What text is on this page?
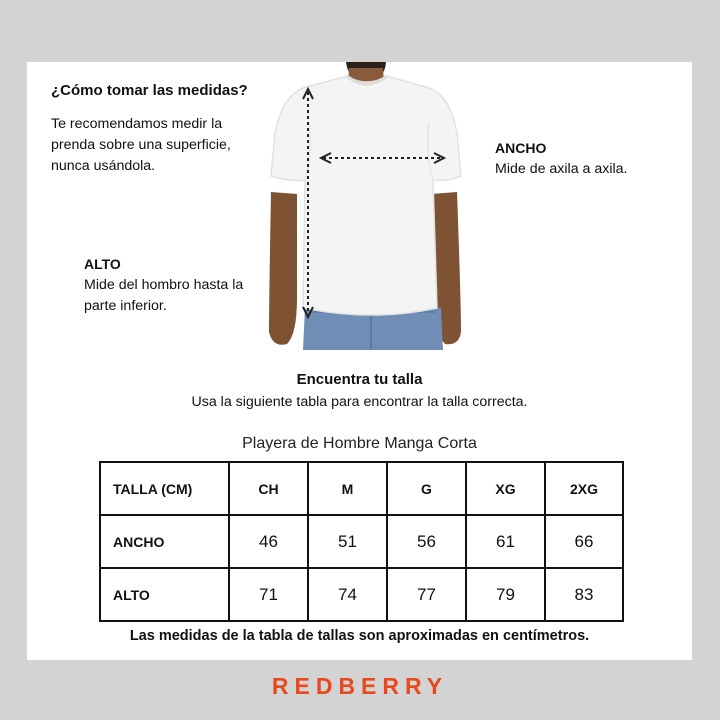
¿Cómo tomar las medidas?
Te recomendamos medir la prenda sobre una superficie, nunca usándola.
ANCHO
Mide de axila a axila.
ALTO
Mide del hombro hasta la parte inferior.
Encuentra tu talla
Usa la siguiente tabla para encontrar la talla correcta.
Playera de Hombre Manga Corta
TALLA (CM)	CH	M	G	XG	2XG
ANCHO	46	51	56	61	66
ALTO	71	74	77	79	83
Las medidas de la tabla de tallas son aproximadas en centímetros.
REDBERRY
